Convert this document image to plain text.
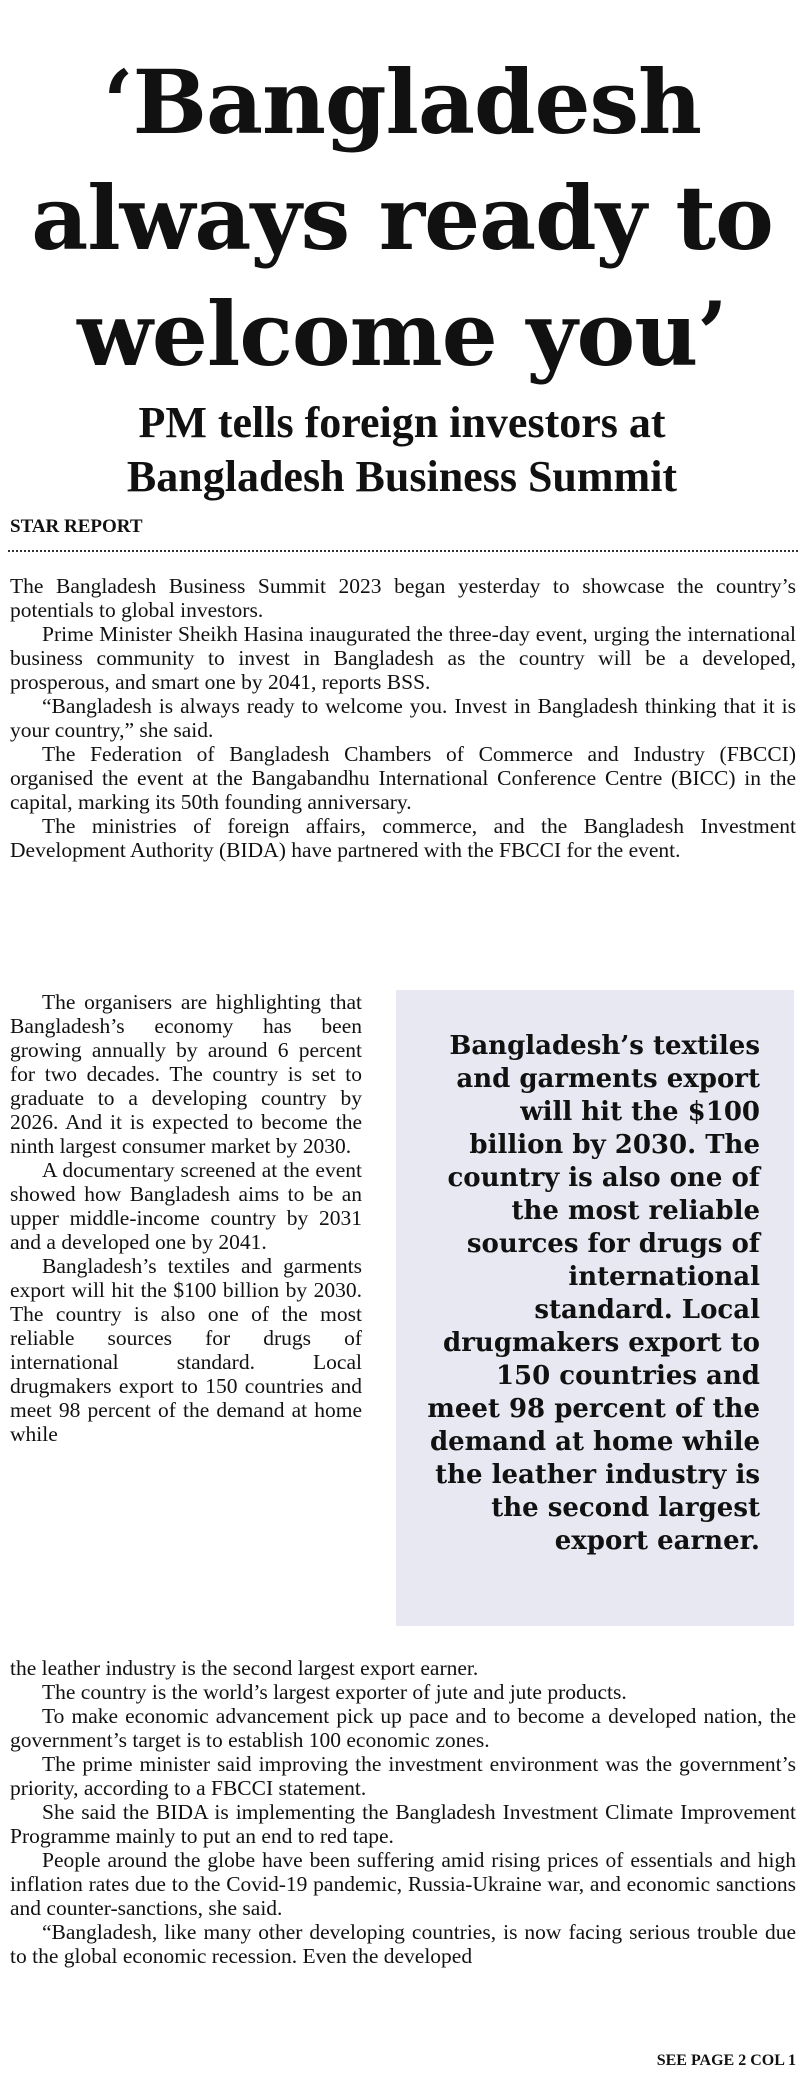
‘Bangladesh
always ready to
welcome you’
PM tells foreign investors at
Bangladesh Business Summit

STAR REPORT

The Bangladesh Business Summit 2023 began yesterday to showcase the country’s potentials to global investors.

Prime Minister Sheikh Hasina inaugurated the three-day event, urging the international business community to invest in Bangladesh as the country will be a developed, prosperous, and smart one by 2041, reports BSS.

“Bangladesh is always ready to welcome you. Invest in Bangladesh thinking that it is your country,” she said.

The Federation of Bangladesh Chambers of Commerce and Industry (FBCCI) organised the event at the Bangabandhu International Conference Centre (BICC) in the capital, marking its 50th founding anniversary.

The ministries of foreign affairs, commerce, and the Bangladesh Investment Development Authority (BIDA) have partnered with the FBCCI for the event.

The organisers are highlighting that Bangladesh’s economy has been growing annually by around 6 percent for two decades. The country is set to graduate to a developing country by 2026. And it is expected to become the ninth largest consumer market by 2030.

A documentary screened at the event showed how Bangladesh aims to be an upper middle-income country by 2031 and a developed one by 2041.

Bangladesh’s textiles and garments export will hit the $100 billion by 2030. The country is also one of the most reliable sources for drugs of international standard. Local drugmakers export to 150 countries and meet 98 percent of the demand at home while

Bangladesh’s textiles and garments export will hit the $100 billion by 2030. The country is also one of the most reliable sources for drugs of international standard. Local drugmakers export to 150 countries and meet 98 percent of the demand at home while the leather industry is the second largest export earner.

the leather industry is the second largest export earner.

The country is the world’s largest exporter of jute and jute products.

To make economic advancement pick up pace and to become a developed nation, the government’s target is to establish 100 economic zones.

The prime minister said improving the investment environment was the government’s priority, according to a FBCCI statement.

She said the BIDA is implementing the Bangladesh Investment Climate Improvement Programme mainly to put an end to red tape.

People around the globe have been suffering amid rising prices of essentials and high inflation rates due to the Covid-19 pandemic, Russia-Ukraine war, and economic sanctions and counter-sanctions, she said.

“Bangladesh, like many other developing countries, is now facing serious trouble due to the global economic recession. Even the developed

SEE PAGE 2 COL 1
